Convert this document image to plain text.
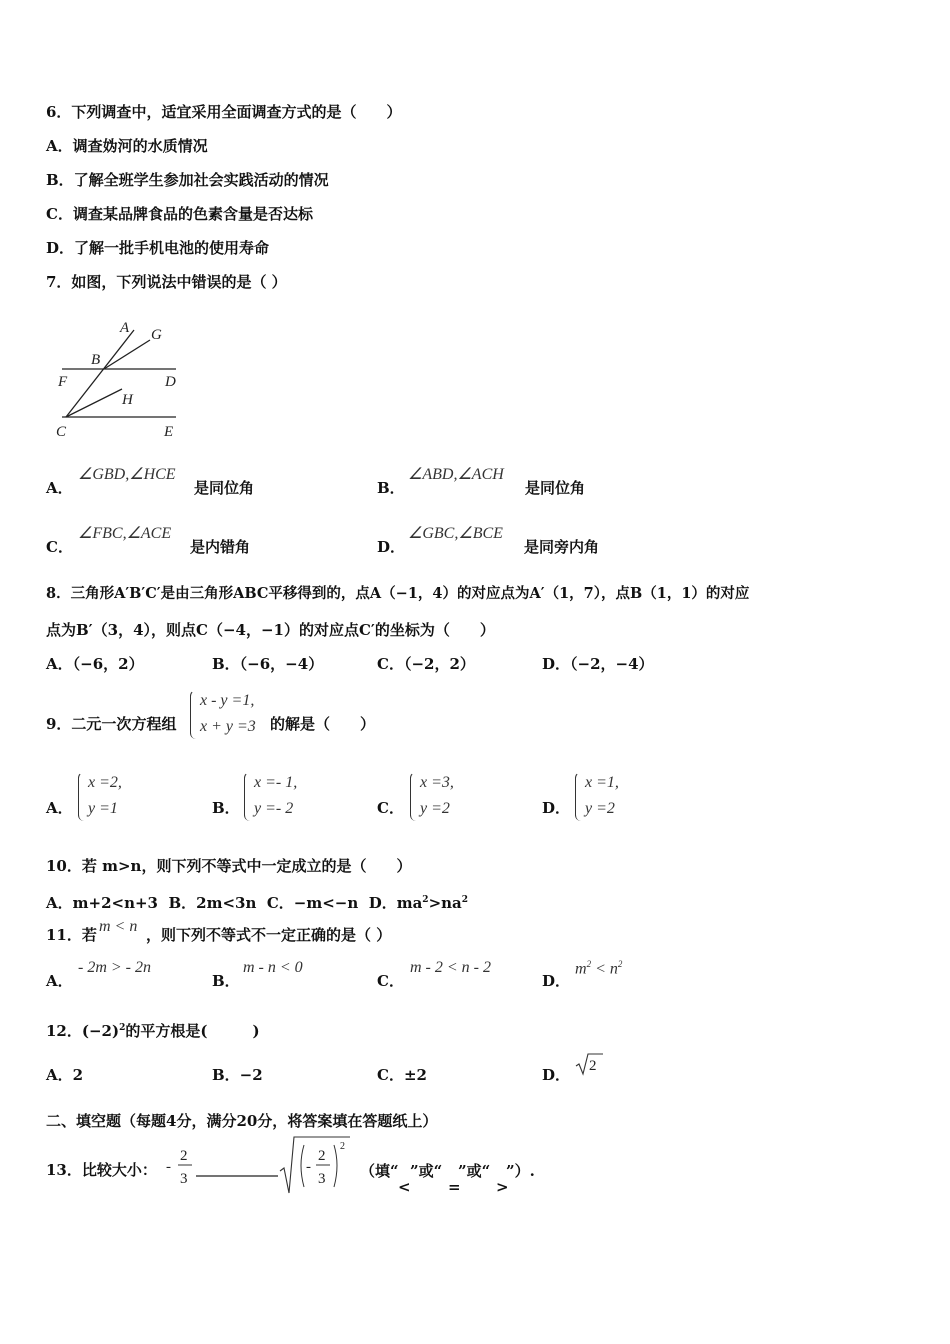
6．下列调查中，适宜采用全面调查方式的是（　　）
A．调查妫河的水质情况
B．了解全班学生参加社会实践活动的情况
C．调查某品牌食品的色素含量是否达标
D．了解一批手机电池的使用寿命
7．如图，下列说法中错误的是（ ）
A G
B
F	D
H
C	E
A．
∠GBD,∠HCE
是同位角	B．
∠ABD,∠ACH
是同位角
C．
∠FBC,∠ACE
是内错角	D．
∠GBC,∠BCE
是同旁内角
8．三角形A′B′C′是由三角形ABC平移得到的，点A（−1，4）的对应点为A′（1，7），点B（1，1）的对应
点为B′（3，4），则点C（−4，−1）的对应点C′的坐标为（　　）
A．（−6，2）	B．（−6，−4）	C．（−2，2）	D．（−2，−4）
9．二元一次方程组
x - y =1,
x + y =3 的解是（　　）
A．
x =2,
y =1	B．
x =- 1,
y =- 2	C．
x =3,
y =2	D．
x =1,
y =2
10．若 m>n，则下列不等式中一定成立的是（　　）
A．m+2<n+3 B．2m<3n C．−m<−n D．$ma^2>na^2$
11．若 m < n ，则下列不等式不一定正确的是（ ）
A．
- 2m > - 2n
B．
m - n < 0
C．
m - 2 < n - 2
D．
$m^2 < n^2$
12．$(-2)^2$的平方根是(　　　)
A．2	B．−2	C．±2	D． 2
二、填空题（每题4分，满分20分，将答案填在答题纸上）
13．比较大小： -
2
3
-
2
3
2
（填“
<
”或“
=
”或“
>
”）.
